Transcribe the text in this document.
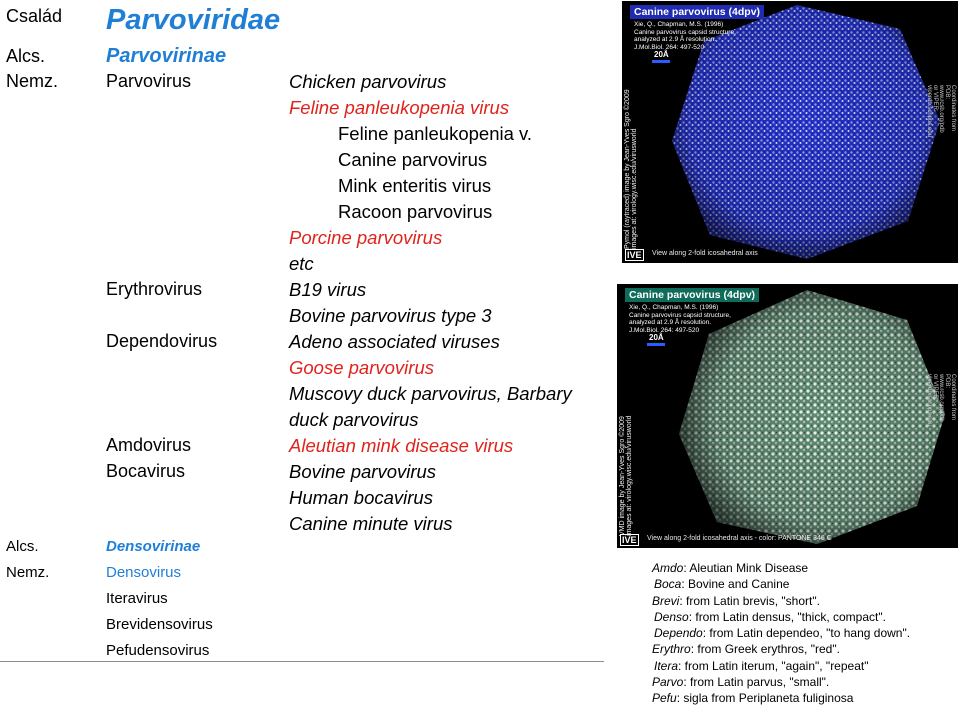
Család
Alcs.
Nemz.
Alcs.
Nemz.
Parvoviridae
Parvovirinae
Parvovirus
Erythrovirus
Dependovirus
Amdovirus
Bocavirus
Chicken parvovirus
Feline panleukopenia virus
Feline panleukopenia v.
Canine parvovirus
Mink enteritis virus
Racoon parvovirus
Porcine parvovirus
etc
B19 virus
Bovine parvovirus type 3
Adeno associated viruses
Goose parvovirus
Muscovy duck parvovirus, Barbary
duck parvovirus
Aleutian mink disease virus
Bovine parvovirus
Human bocavirus
Canine minute virus
Densovirinae
Densovirus
Iteravirus
Brevidensovirus
Pefudensovirus
Canine parvovirus (4dpv)
Xie, Q., Chapman, M.S. (1996)
Canine parvovirus capsid structure,
analyzed at 2.9 Å resolution.
J.Mol.Biol. 264: 497-520
20Å
Pymol (raytraced) image by Jean-Yves Sgro ©2009 images at: virology.wisc.edu/virusworld
Coordinates from PDB: www.rcsb.org/pdb or VIPER: viperdb.scripps.edu
IVE View along 2-fold icosahedral axis
Canine parvovirus (4dpv)
Xie, Q., Chapman, M.S. (1996)
Canine parvovirus capsid structure,
analyzed at 2.9 Å resolution.
J.Mol.Biol. 264: 497-520
20Å
VMD image by Jean-Yves Sgro ©2009 images at: virology.wisc.edu/virusworld
Coordinates from PDB: www.rcsb.org/pdb or VIPER: viperdb.scripps.edu
IVE View along 2-fold icosahedral axis - color: PANTONE 346 C
Amdo: Aleutian Mink Disease
Boca: Bovine and Canine
Brevi: from Latin brevis, "short".
Denso: from Latin densus, "thick, compact".
Dependo: from Latin dependeo, "to hang down".
Erythro: from Greek erythros, "red".
Itera: from Latin iterum, "again", "repeat"
Parvo: from Latin parvus, "small".
Pefu: sigla from Periplaneta fuliginosa
